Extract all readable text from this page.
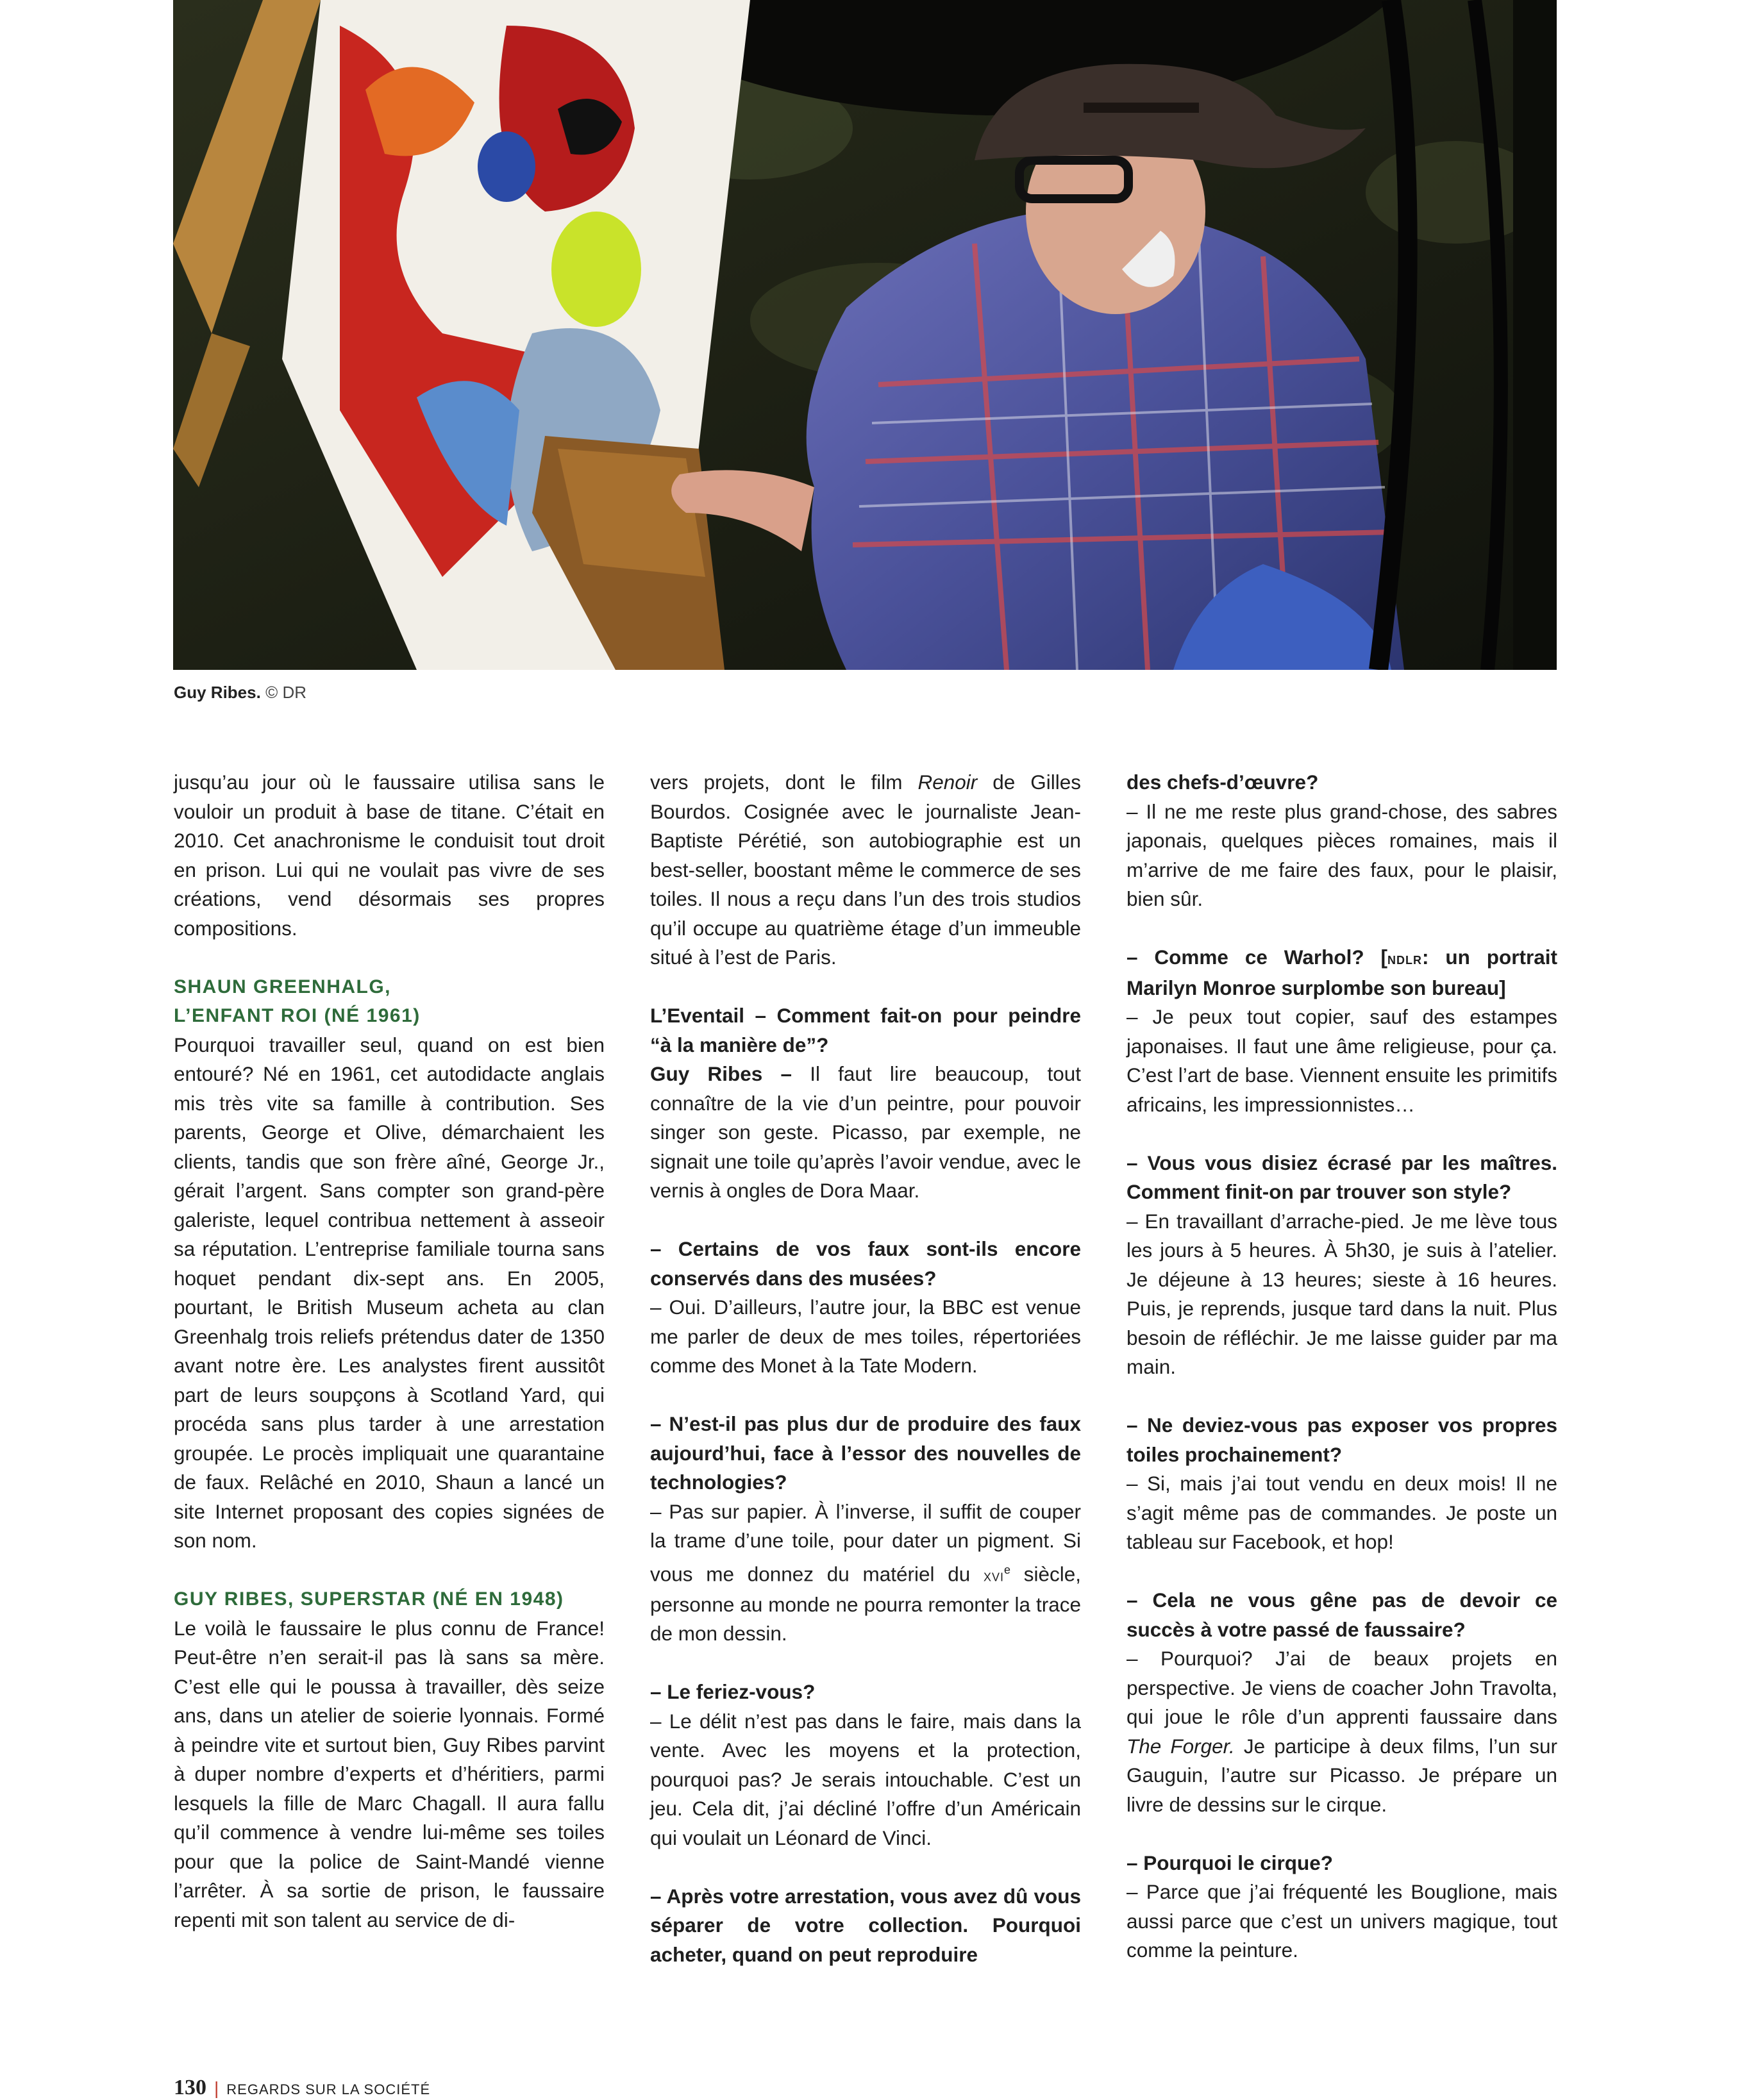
Guy Ribes. © DR

jusqu’au jour où le faussaire utilisa sans le vouloir un produit à base de titane. C’était en 2010. Cet anachronisme le conduisit tout droit en prison. Lui qui ne voulait pas vivre de ses créations, vend désormais ses propres compositions.

SHAUN GREENHALG,

L’ENFANT ROI (NÉ 1961)

Pourquoi travailler seul, quand on est bien entouré? Né en 1961, cet autodidacte anglais mis très vite sa famille à contribution. Ses parents, George et Olive, démarchaient les clients, tandis que son frère aîné, George Jr., gérait l’argent. Sans compter son grand-père galeriste, lequel contribua nettement à asseoir sa réputation. L’entreprise familiale tourna sans hoquet pendant dix-sept ans. En 2005, pourtant, le British Museum acheta au clan Greenhalg trois reliefs prétendus dater de 1350 avant notre ère. Les analystes firent aussitôt part de leurs soupçons à Scotland Yard, qui procéda sans plus tarder à une arrestation groupée. Le procès impliquait une quarantaine de faux. Relâché en 2010, Shaun a lancé un site Internet proposant des copies signées de son nom.

GUY RIBES, SUPERSTAR (NÉ EN 1948)

Le voilà le faussaire le plus connu de France! Peut-être n’en serait-il pas là sans sa mère. C’est elle qui le poussa à travailler, dès seize ans, dans un atelier de soierie lyonnais. Formé à peindre vite et surtout bien, Guy Ribes parvint à duper nombre d’experts et d’héritiers, parmi lesquels la fille de Marc Chagall. Il aura fallu qu’il commence à vendre lui-même ses toiles pour que la police de Saint-Mandé vienne l’arrêter. À sa sortie de prison, le faussaire repenti mit son talent au service de di-

vers projets, dont le film Renoir de Gilles Bourdos. Cosignée avec le journaliste Jean-Baptiste Pérétié, son autobiographie est un best-seller, boostant même le commerce de ses toiles. Il nous a reçu dans l’un des trois studios qu’il occupe au quatrième étage d’un immeuble situé à l’est de Paris.

L’Eventail – Comment fait-on pour peindre “à la manière de”?

Guy Ribes – Il faut lire beaucoup, tout connaître de la vie d’un peintre, pour pouvoir singer son geste. Picasso, par exemple, ne signait une toile qu’après l’avoir vendue, avec le vernis à ongles de Dora Maar.

– Certains de vos faux sont-ils encore conservés dans des musées?

– Oui. D’ailleurs, l’autre jour, la BBC est venue me parler de deux de mes toiles, répertoriées comme des Monet à la Tate Modern.

– N’est-il pas plus dur de produire des faux aujourd’hui, face à l’essor des nouvelles de technologies?

– Pas sur papier. À l’inverse, il suffit de couper la trame d’une toile, pour dater un pigment. Si vous me donnez du matériel du xvi$^e$ siècle, personne au monde ne pourra remonter la trace de mon dessin.

– Le feriez-vous?

– Le délit n’est pas dans le faire, mais dans la vente. Avec les moyens et la protection, pourquoi pas? Je serais intouchable. C’est un jeu. Cela dit, j’ai décliné l’offre d’un Américain qui voulait un Léonard de Vinci.

– Après votre arrestation, vous avez dû vous séparer de votre collection. Pourquoi acheter, quand on peut reproduire

des chefs-d’œuvre?

– Il ne me reste plus grand-chose, des sabres japonais, quelques pièces romaines, mais il m’arrive de me faire des faux, pour le plaisir, bien sûr.

– Comme ce Warhol? [ndlr: un portrait Marilyn Monroe surplombe son bureau]

– Je peux tout copier, sauf des estampes japonaises. Il faut une âme religieuse, pour ça. C’est l’art de base. Viennent ensuite les primitifs africains, les impressionnistes…

– Vous vous disiez écrasé par les maîtres. Comment finit-on par trouver son style?

– En travaillant d’arrache-pied. Je me lève tous les jours à 5 heures. À 5h30, je suis à l’atelier. Je déjeune à 13 heures; sieste à 16 heures. Puis, je reprends, jusque tard dans la nuit. Plus besoin de réfléchir. Je me laisse guider par ma main.

– Ne deviez-vous pas exposer vos propres toiles prochainement?

– Si, mais j’ai tout vendu en deux mois! Il ne s’agit même pas de commandes. Je poste un tableau sur Facebook, et hop!

– Cela ne vous gêne pas de devoir ce succès à votre passé de faussaire?

– Pourquoi? J’ai de beaux projets en perspective. Je viens de coacher John Travolta, qui joue le rôle d’un apprenti faussaire dans The Forger. Je participe à deux films, l’un sur Gauguin, l’autre sur Picasso. Je prépare un livre de dessins sur le cirque.

– Pourquoi le cirque?

– Parce que j’ai fréquenté les Bouglione, mais aussi parce que c’est un univers magique, tout comme la peinture.

130 | REGARDS SUR LA SOCIÉTÉ
